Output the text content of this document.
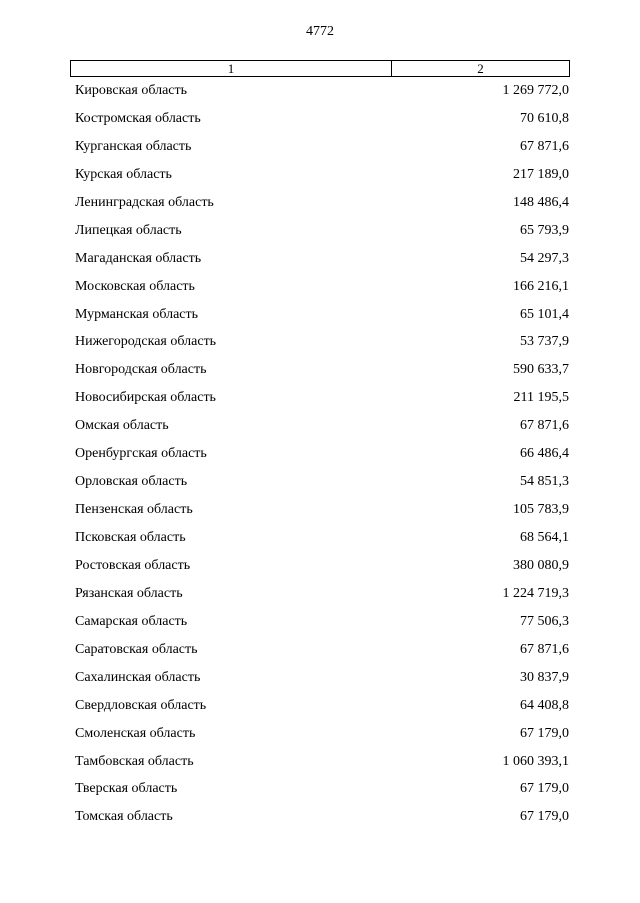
4772
1	2
Кировская область	1 269 772,0
Костромская область	70 610,8
Курганская область	67 871,6
Курская область	217 189,0
Ленинградская область	148 486,4
Липецкая область	65 793,9
Магаданская область	54 297,3
Московская область	166 216,1
Мурманская область	65 101,4
Нижегородская область	53 737,9
Новгородская область	590 633,7
Новосибирская область	211 195,5
Омская область	67 871,6
Оренбургская область	66 486,4
Орловская область	54 851,3
Пензенская область	105 783,9
Псковская область	68 564,1
Ростовская область	380 080,9
Рязанская область	1 224 719,3
Самарская область	77 506,3
Саратовская область	67 871,6
Сахалинская область	30 837,9
Свердловская область	64 408,8
Смоленская область	67 179,0
Тамбовская область	1 060 393,1
Тверская область	67 179,0
Томская область	67 179,0
